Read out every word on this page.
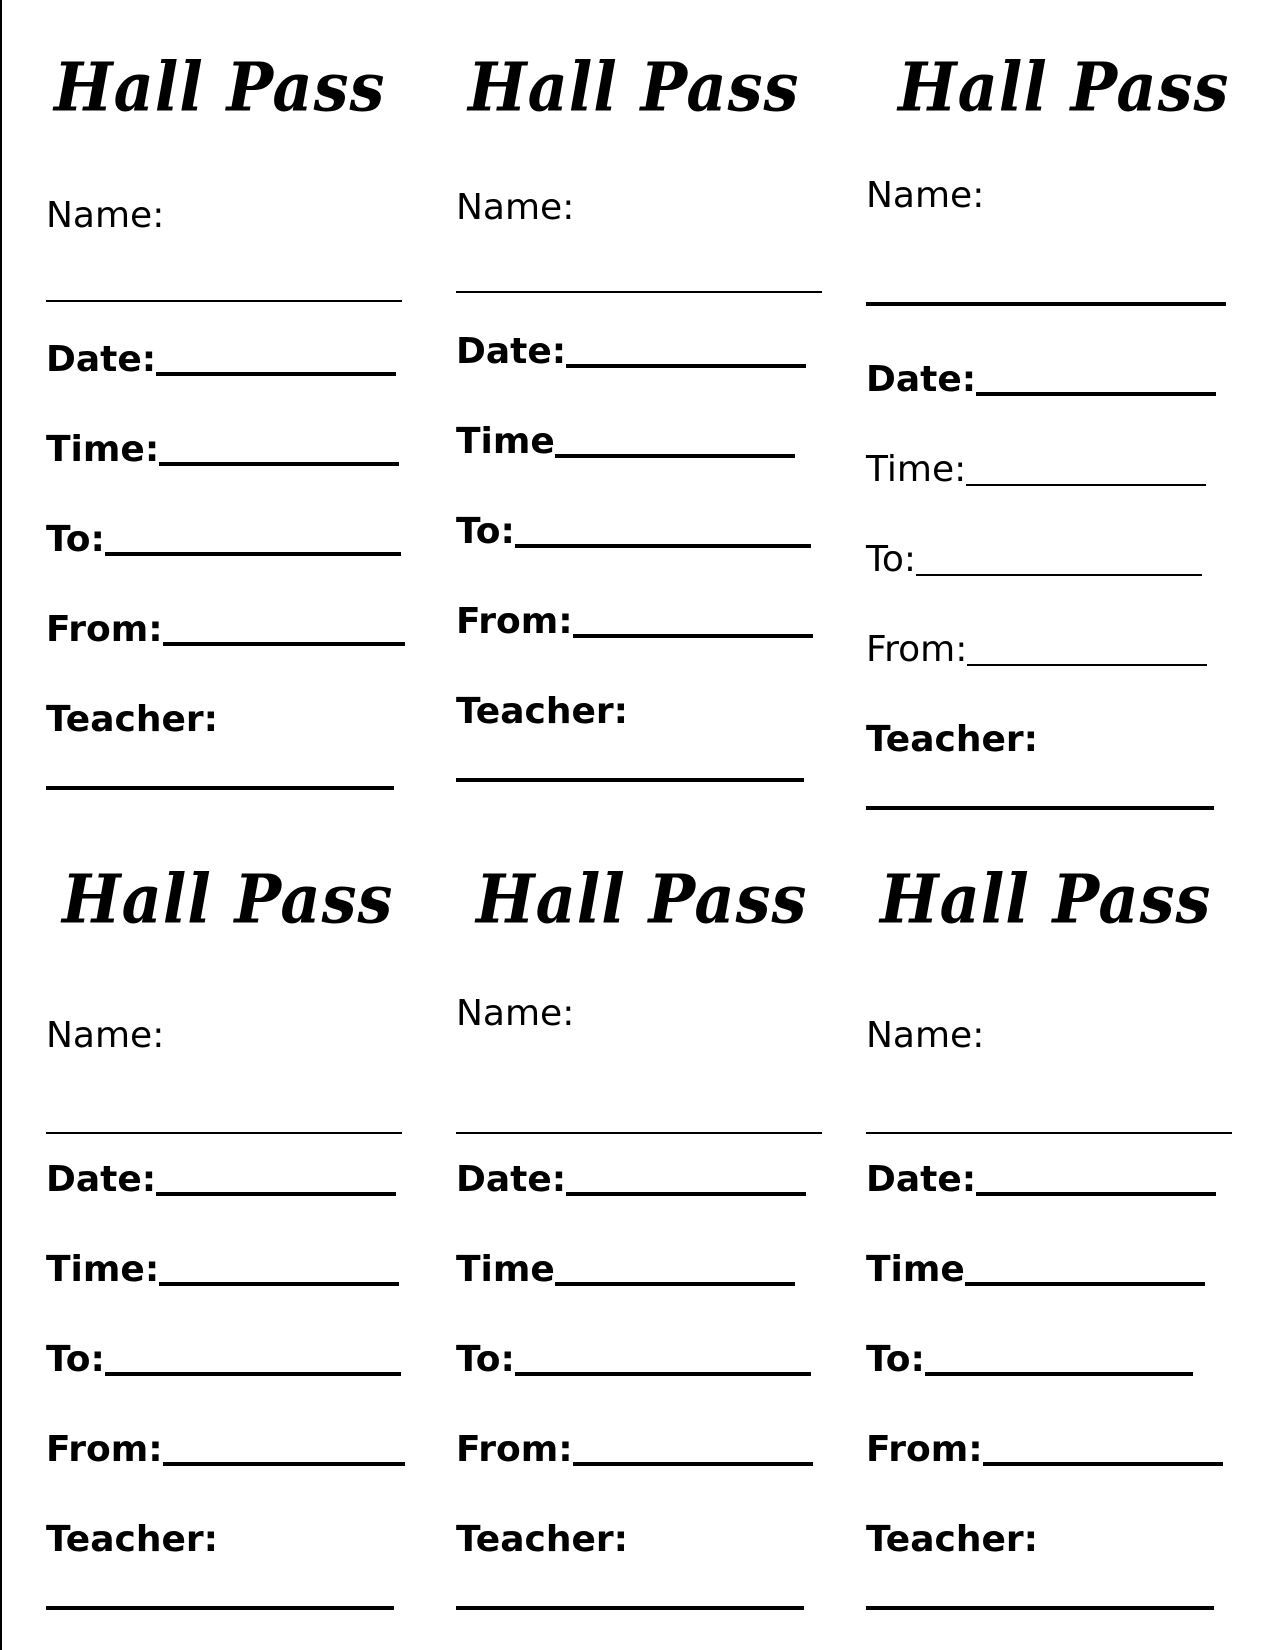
Hall Pass
Name:
Date:
Time:
To:
From:
Teacher:
Hall Pass
Name:
Date:
Time
To:
From:
Teacher:
Hall Pass
Name:
Date:
Time:
To:
From:
Teacher:
Hall Pass
Name:
Date:
Time:
To:
From:
Teacher:
Hall Pass
Name:
Date:
Time
To:
From:
Teacher:
Hall Pass
Name:
Date:
Time
To:
From:
Teacher:
